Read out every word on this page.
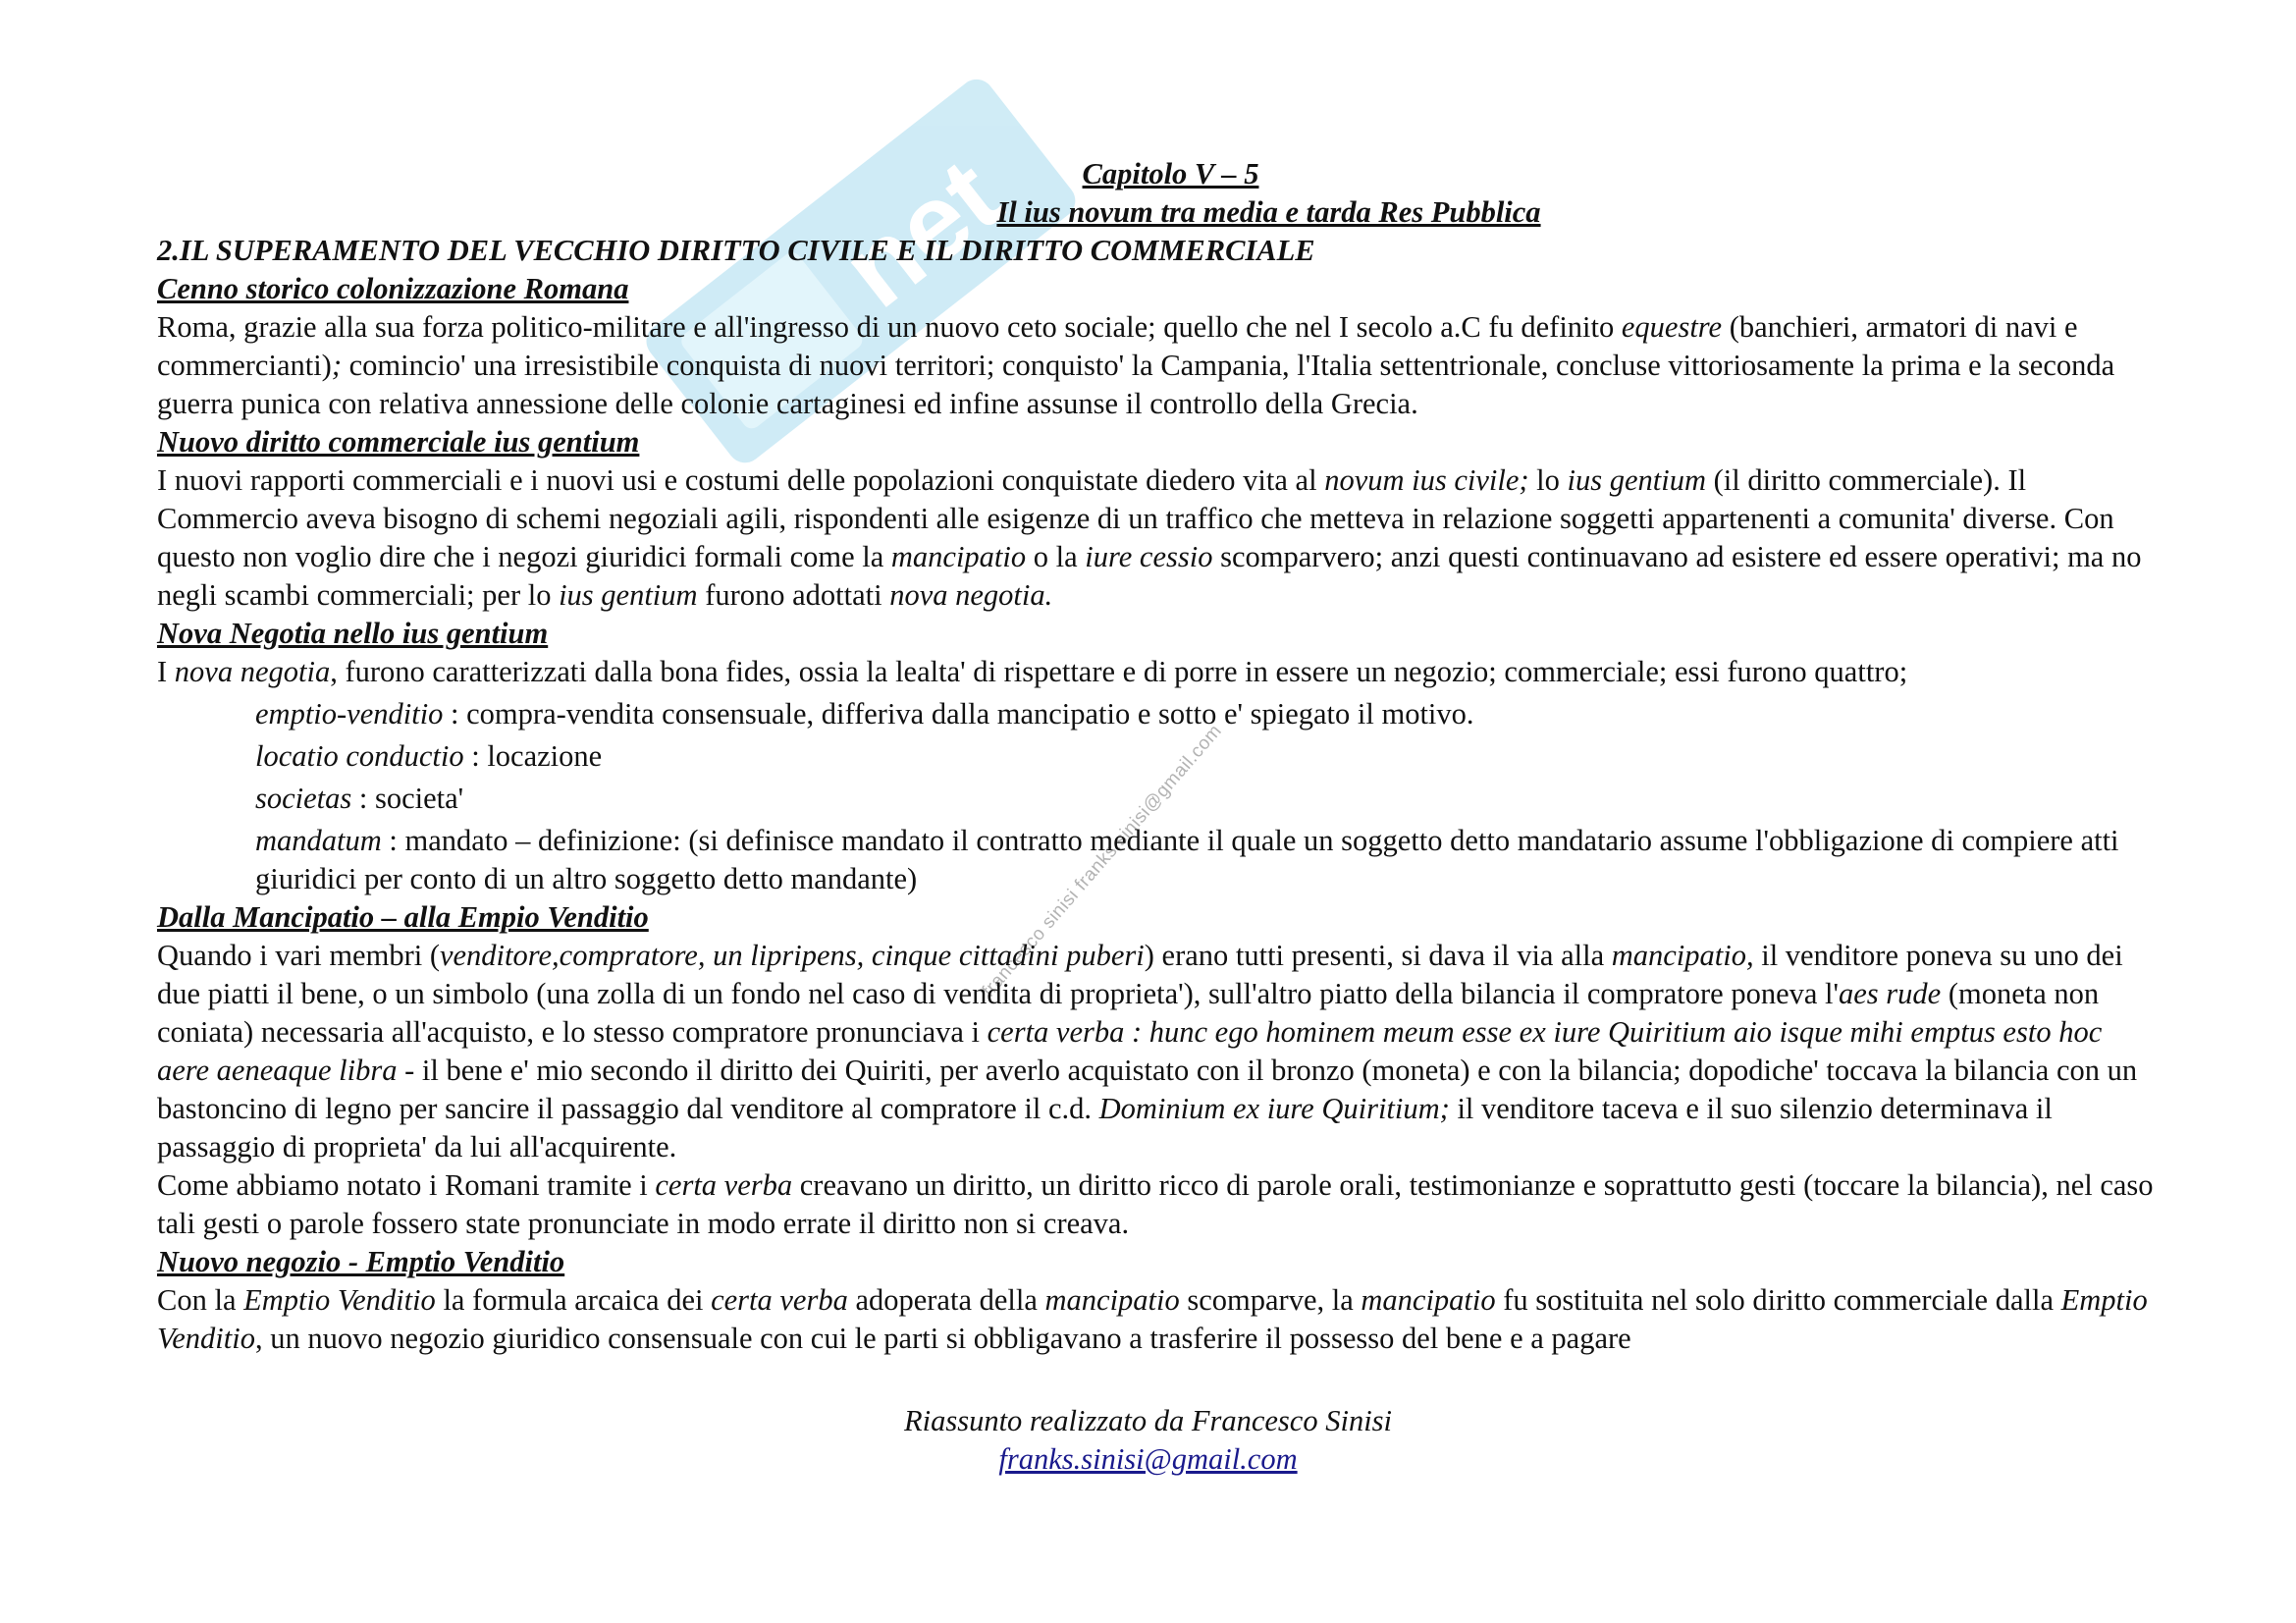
net
francesco sinisi franks.sinisi@gmail.com
Capitolo V – 5
Il ius novum tra media e tarda Res Pubblica
2.IL SUPERAMENTO DEL VECCHIO DIRITTO CIVILE E IL DIRITTO COMMERCIALE
Cenno storico colonizzazione Romana

Roma, grazie alla sua forza politico-militare e all'ingresso di un nuovo ceto sociale; quello che nel I secolo a.C fu definito equestre (banchieri, armatori di navi e commercianti); comincio' una irresistibile conquista di nuovi territori; conquisto' la Campania, l'Italia settentrionale, concluse vittoriosamente la prima e la seconda guerra punica con relativa annessione delle colonie cartaginesi ed infine assunse il controllo della Grecia.

Nuovo diritto commerciale ius gentium

I nuovi rapporti commerciali e i nuovi usi e costumi delle popolazioni conquistate diedero vita al novum ius civile; lo ius gentium (il diritto commerciale). Il Commercio aveva bisogno di schemi negoziali agili, rispondenti alle esigenze di un traffico che metteva in relazione soggetti appartenenti a comunita' diverse. Con questo non voglio dire che i negozi giuridici formali come la mancipatio o la iure cessio scomparvero; anzi questi continuavano ad esistere ed essere operativi; ma no negli scambi commerciali; per lo ius gentium furono adottati nova negotia.

Nova Negotia nello ius gentium

I nova negotia, furono caratterizzati dalla bona fides, ossia la lealta' di rispettare e di porre in essere un negozio; commerciale; essi furono quattro;

emptio-venditio : compra-vendita consensuale, differiva dalla mancipatio e sotto e' spiegato il motivo.

locatio conductio : locazione

societas : societa'

mandatum : mandato – definizione: (si definisce mandato il contratto mediante il quale un soggetto detto mandatario assume l'obbligazione di compiere atti giuridici per conto di un altro soggetto detto mandante)

Dalla Mancipatio – alla Empio Venditio

Quando i vari membri (venditore,compratore, un lipripens, cinque cittadini puberi) erano tutti presenti, si dava il via alla mancipatio, il venditore poneva su uno dei due piatti il bene, o un simbolo (una zolla di un fondo nel caso di vendita di proprieta'), sull'altro piatto della bilancia il compratore poneva l'aes rude (moneta non coniata) necessaria all'acquisto, e lo stesso compratore pronunciava i certa verba : hunc ego hominem meum esse ex iure Quiritium aio isque mihi emptus esto hoc aere aeneaque libra - il bene e' mio secondo il diritto dei Quiriti, per averlo acquistato con il bronzo (moneta) e con la bilancia; dopodiche' toccava la bilancia con un bastoncino di legno per sancire il passaggio dal venditore al compratore il c.d. Dominium ex iure Quiritium; il venditore taceva e il suo silenzio determinava il passaggio di proprieta' da lui all'acquirente.

Come abbiamo notato i Romani tramite i certa verba creavano un diritto, un diritto ricco di parole orali, testimonianze e soprattutto gesti (toccare la bilancia), nel caso tali gesti o parole fossero state pronunciate in modo errate il diritto non si creava.

Nuovo negozio - Emptio Venditio

Con la Emptio Venditio la formula arcaica dei certa verba adoperata della mancipatio scomparve, la mancipatio fu sostituita nel solo diritto commerciale dalla Emptio Venditio, un nuovo negozio giuridico consensuale con cui le parti si obbligavano a trasferire il possesso del bene e a pagare

Riassunto realizzato da Francesco Sinisi
franks.sinisi@gmail.com
